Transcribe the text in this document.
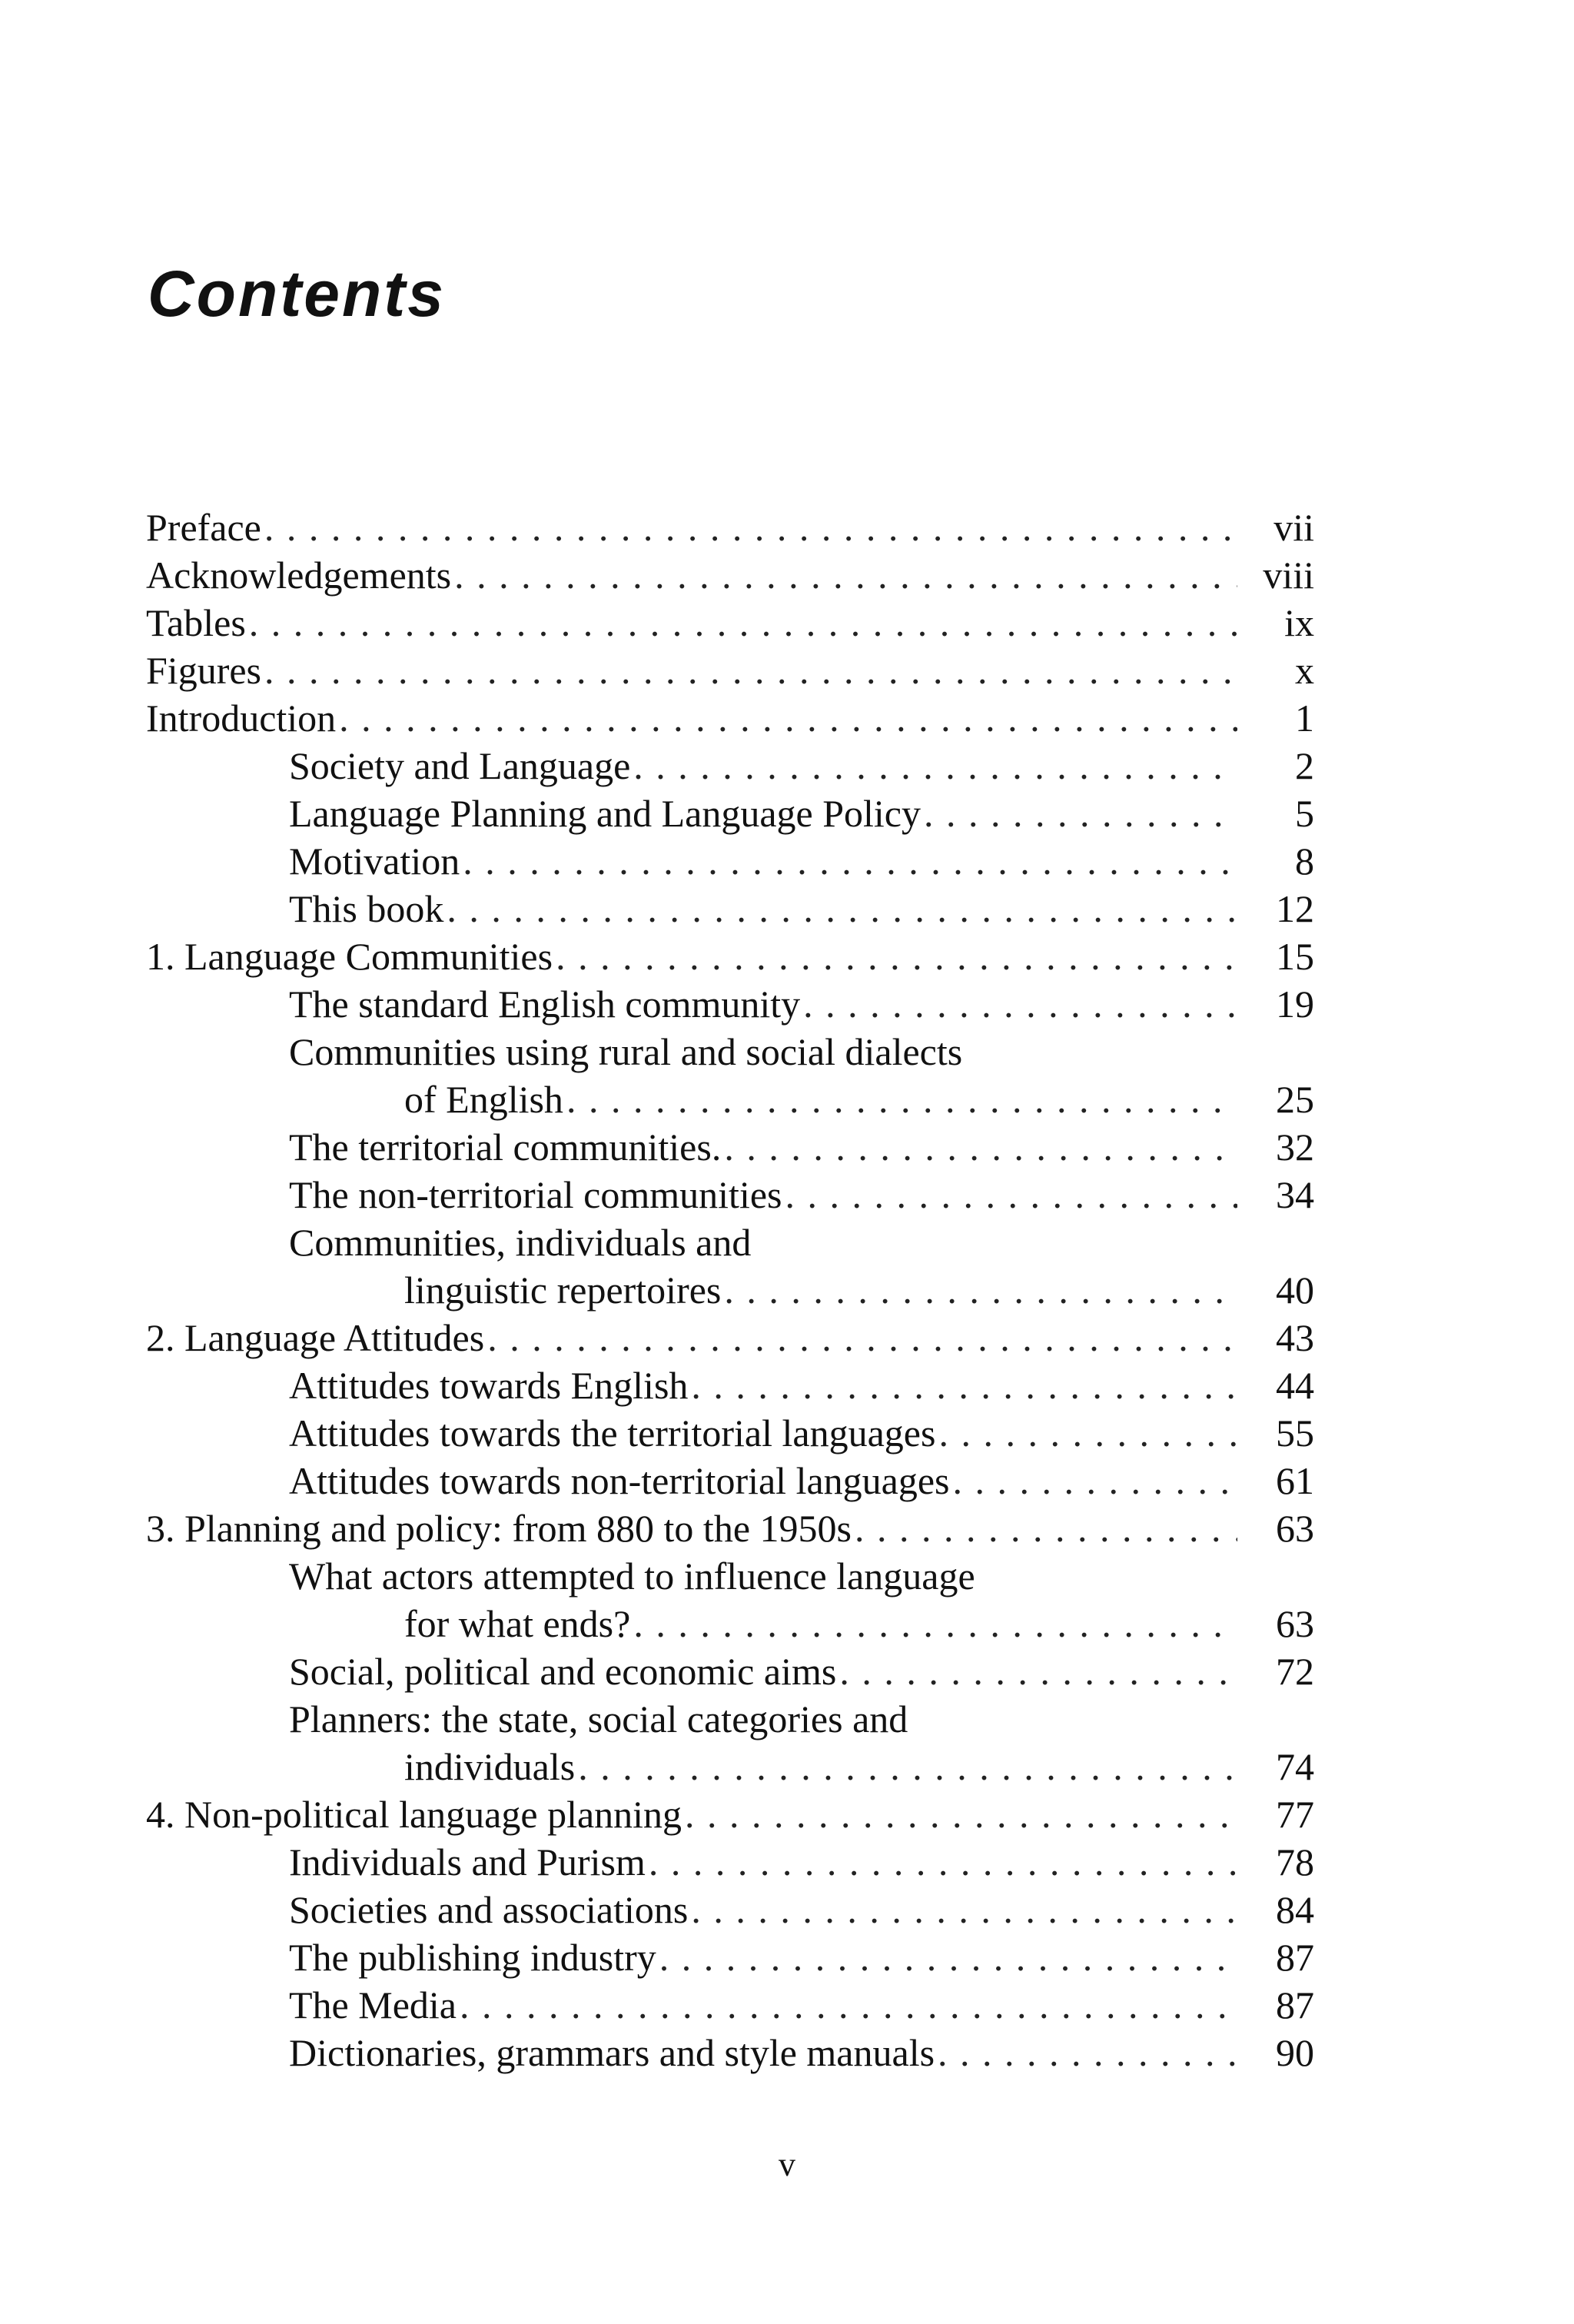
Contents
Preface . . .	vii
Acknowledgements . . .	viii
Tables . . .	ix
Figures . . .	x
Introduction . . .	1
Society and Language . . .	2
Language Planning and Language Policy . . .	5
Motivation . . .	8
This book . . .	12
1. Language Communities . . .	15
The standard English community . . .	19
Communities using rural and social dialects
of English . . .	25
The territorial communities. . . .	32
The non-territorial communities . . .	34
Communities, individuals and
linguistic repertoires . . .	40
2. Language Attitudes . . .	43
Attitudes towards English . . .	44
Attitudes towards the territorial languages . . .	55
Attitudes towards non-territorial languages . . .	61
3. Planning and policy: from 880 to the 1950s . . .	63
What actors attempted to influence language
for what ends? . . .	63
Social, political and economic aims . . .	72
Planners: the state, social categories and
individuals . . .	74
4. Non-political language planning . . .	77
Individuals and Purism . . .	78
Societies and associations . . .	84
The publishing industry . . .	87
The Media . . .	87
Dictionaries, grammars and style manuals . . .	90
v
